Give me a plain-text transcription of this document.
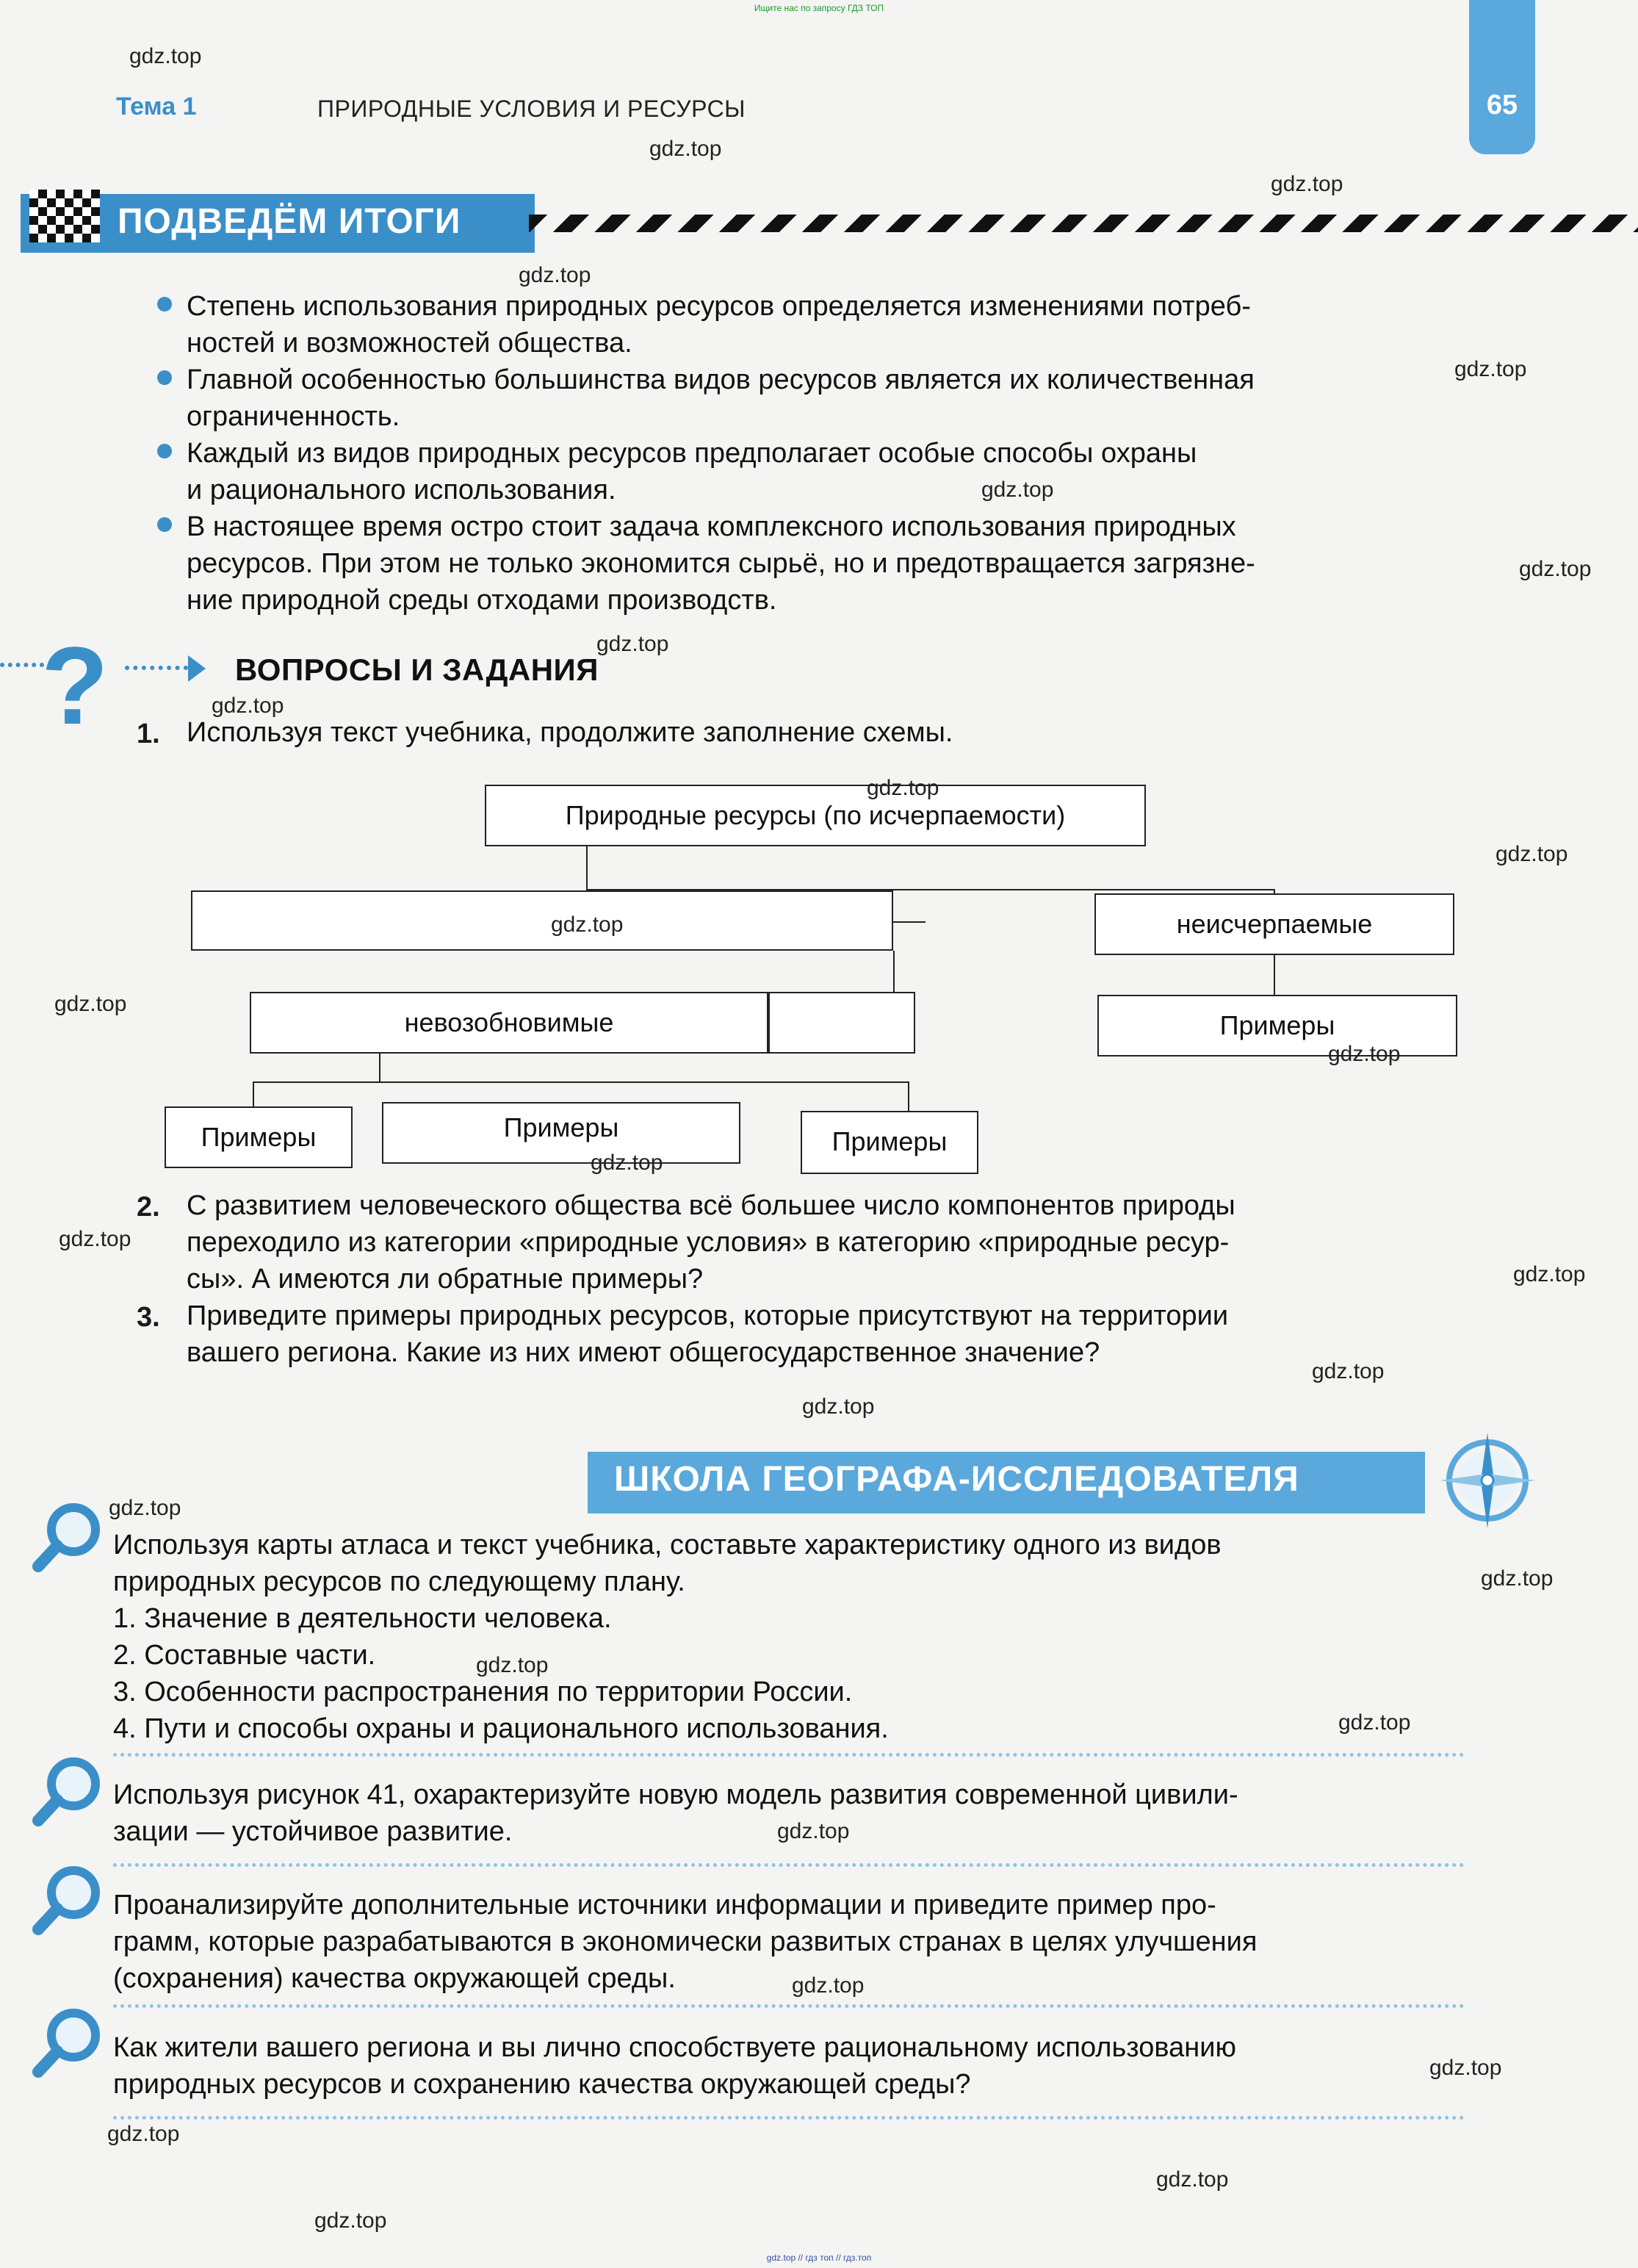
Ищите нас по запросу ГДЗ ТОП
Тема 1	ПРИРОДНЫЕ УСЛОВИЯ И РЕСУРСЫ	65
ПОДВЕДЁМ ИТОГИ
Степень использования природных ресурсов определяется изменениями потреб-
ностей и возможностей общества.
Главной особенностью большинства видов ресурсов является их количественная
ограниченность.
Каждый из видов природных ресурсов предполагает особые способы охраны
и рационального использования.
В настоящее время остро стоит задача комплексного использования природных
ресурсов. При этом не только экономится сырьё, но и предотвращается загрязне-
ние природной среды отходами производств.
?	ВОПРОСЫ И ЗАДАНИЯ
1. Используя текст учебника, продолжите заполнение схемы.
Природные ресурсы (по исчерпаемости)
неисчерпаемые
Примеры
невозобновимые
Примеры	Примеры	Примеры
2. С развитием человеческого общества всё большее число компонентов природы
переходило из категории «природные условия» в категорию «природные ресур-
сы». А имеются ли обратные примеры?
3. Приведите примеры природных ресурсов, которые присутствуют на территории
вашего региона. Какие из них имеют общегосударственное значение?
ШКОЛА ГЕОГРАФА-ИССЛЕДОВАТЕЛЯ
Используя карты атласа и текст учебника, составьте характеристику одного из видов
природных ресурсов по следующему плану.
1. Значение в деятельности человека.
2. Составные части.
3. Особенности распространения по территории России.
4. Пути и способы охраны и рационального использования.
Используя рисунок 41, охарактеризуйте новую модель развития современной цивили-
зации — устойчивое развитие.
Проанализируйте дополнительные источники информации и приведите пример про-
грамм, которые разрабатываются в экономически развитых странах в целях улучшения
(сохранения) качества окружающей среды.
Как жители вашего региона и вы лично способствуете рациональному использованию
природных ресурсов и сохранению качества окружающей среды?
gdz.top
gdz.top
gdz.top
gdz.top
gdz.top
gdz.top
gdz.top
gdz.top
gdz.top
gdz.top
gdz.top
gdz.top
gdz.top
gdz.top
gdz.top
gdz.top
gdz.top
gdz.top
gdz.top
gdz.top
gdz.top
gdz.top
gdz.top
gdz.top
gdz.top
gdz.top
gdz.top
gdz.top
gdz.top
gdz.top // гдз топ // гдз.топ
